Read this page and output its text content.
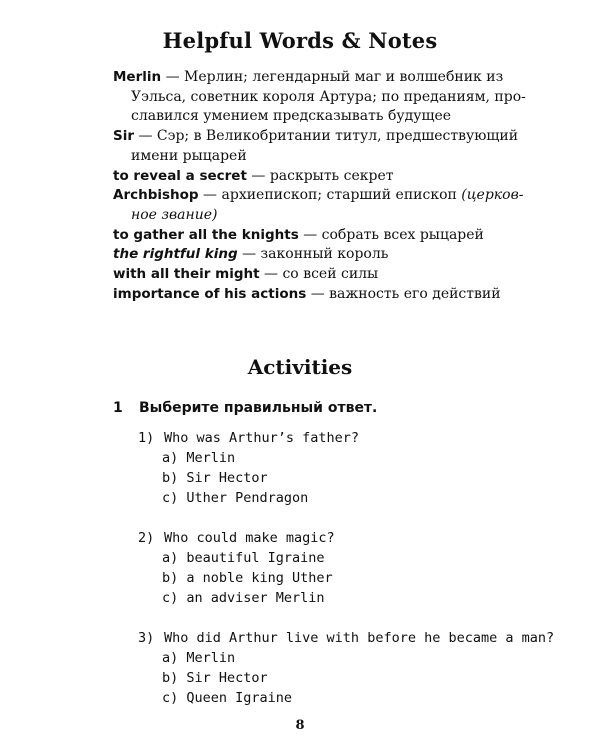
Helpful Words & Notes

Merlin — Мерлин; легендарный маг и волшебник из
Уэльса, советник короля Артура; по преданиям, про-
славился умением предсказывать будущее

Sir — Сэр; в Великобритании титул, предшествующий
имени рыцарей

to reveal a secret — раскрыть секрет

Archbishop — архиепископ; старший епископ (церков-
ное звание)

to gather all the knights — собрать всех рыцарей

the rightful king — законный король

with all their might — со всей силы

importance of his actions — важность его действий

Activities
1 Выберите правильный ответ.
1) Who was Arthur’s father?
a) Merlin
b) Sir Hector
c) Uther Pendragon
2) Who could make magic?
a) beautiful Igraine
b) a noble king Uther
c) an adviser Merlin
3) Who did Arthur live with before he became a man?
a) Merlin
b) Sir Hector
c) Queen Igraine
8
